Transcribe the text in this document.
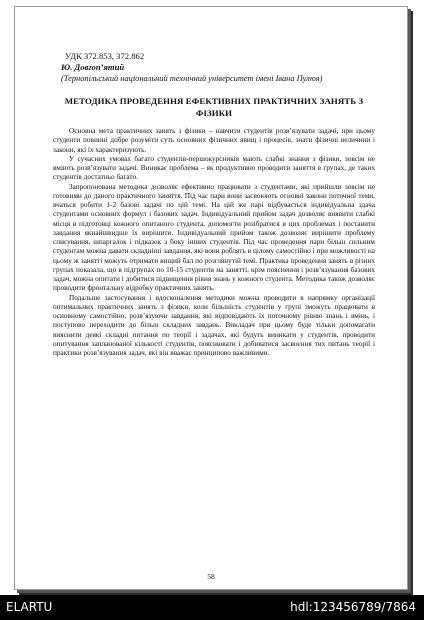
УДК 372.853, 372.862
Ю. Довгоп’ятий
(Тернопільський національний технічний університет імені Івана Пулюя)
МЕТОДИКА ПРОВЕДЕННЯ ЕФЕКТИВНИХ ПРАКТИЧНИХ ЗАНЯТЬ З ФІЗИКИ

Основна мета практичних занять з фізики – навчити студентів розв’язувати задачі, при цьому студенти повинні добре розуміти суть основних фізичних явищ і процесів, знати фізичні величини і закони, які їх характеризують.

У сучасних умовах багато студентів-першокурсників мають слабкі знання з фізики, зовсім не вміють розв’язувати задачі. Виникає проблема – як продуктивно проводити заняття в групах, де таких студентів достатньо багато.

Запропонована методика дозволяє ефективно працювати з студентами, які прийшли зовсім не готовими до даного практичного заняття. Під час пари вони засвоюють основні закони поточної теми, вчаться робити 1-2 базові задачі по цій темі. На цій же парі відбувається індивідуальна здача студентами основних формул і базових задач. Індивідуальний прийом задач дозволяє виявити слабкі місця в підготовці кожного опитаного студента, допомогти розібратися в цих проблемах і поставити завдання якнайшвидше їх вирішити. Індивідуальний прийом також дозволяє вирішити проблему списування, шпаргалок і підказок з боку інших студентів. Під час проведення пари більш сильним студентам можна давати складніші завдання, які вони роблять в цілому самостійно і при можливості на цьому ж занятті можуть отримати вищий бал по розглянутій темі. Практика проведення занять в різних групах показала, що в підгрупах по 10-15 студентів на занятті, крім пояснення і розв’язування базових задач, можна опитати і добитися підвищення рівня знань у кожного студента. Методика також дозволяє проводити фронтальну відробку практичних занять.

Подальше застосування і вдосконалення методики можна проводити в напрямку організації оптимальних практичних занять з фізики, коли більшість студентів у групі зможуть працювати в основному самостійно, розв’язуючи завдання, які відповідають їх поточному рівню знань і вмінь, і поступово переходити до більш складних завдань. Викладач при цьому буде тільки допомагати вияснити деякі складні питання по теорії і задачах, які будуть виникати у студентів, проводити опитування запланованої кількості студентів, пояснювати і добиватися засвоєння тих питань теорії і практики розв’язування задач, які він вважає принципово важливими.

58
ELARTU	hdl:123456789/7864
